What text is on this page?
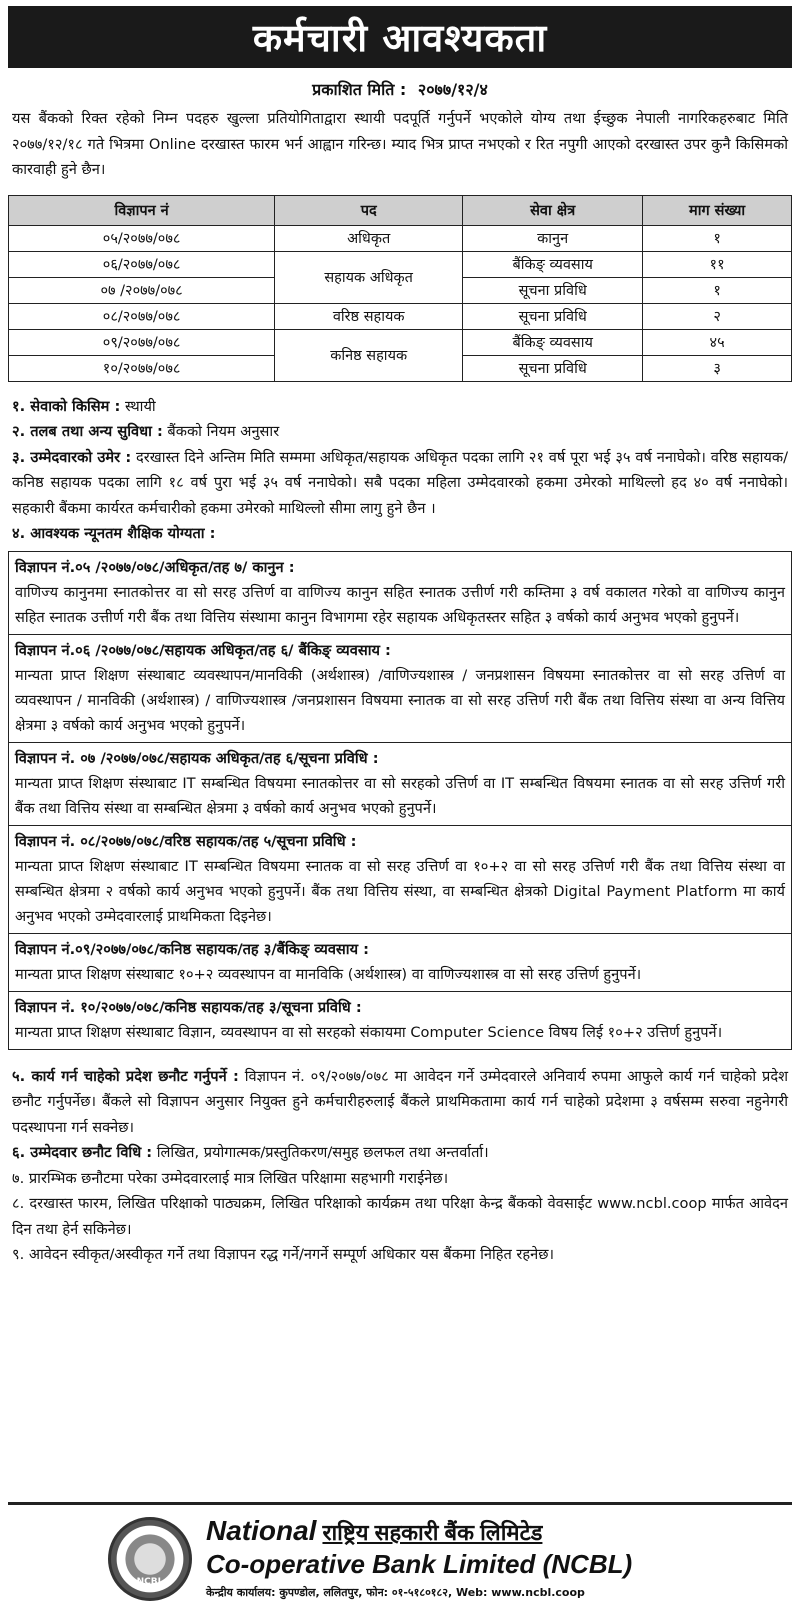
कर्मचारी आवश्यकता
प्रकाशित मिति : २०७७/१२/४

यस बैंकको रिक्त रहेको निम्न पदहरु खुल्ला प्रतियोगिताद्वारा स्थायी पदपूर्ति गर्नुपर्ने भएकोले योग्य तथा ईच्छुक नेपाली नागरिकहरुबाट मिति २०७७/१२/१८ गते भित्रमा Online दरखास्त फारम भर्न आह्वान गरिन्छ। म्याद भित्र प्राप्त नभएको र रित नपुगी आएको दरखास्त उपर कुनै किसिमको कारवाही हुने छैन।

विज्ञापन नं	पद	सेवा क्षेत्र	माग संख्या
०५/२०७७/०७८	अधिकृत	कानुन	१
०६/२०७७/०७८	सहायक अधिकृत	बैंकिङ् व्यवसाय	११
०७ /२०७७/०७८		सूचना प्रविधि	१
०८/२०७७/०७८	वरिष्ठ सहायक	सूचना प्रविधि	२
०९/२०७७/०७८	कनिष्ठ सहायक	बैंकिङ् व्यवसाय	४५
१०/२०७७/०७८		सूचना प्रविधि	३
१. सेवाको किसिम : स्थायी
२. तलब तथा अन्य सुविधा : बैंकको नियम अनुसार
३. उम्मेदवारको उमेर : दरखास्त दिने अन्तिम मिति सम्ममा अधिकृत/सहायक अधिकृत पदका लागि २१ वर्ष पूरा भई ३५ वर्ष ननाघेको। वरिष्ठ सहायक/कनिष्ठ सहायक पदका लागि १८ वर्ष पुरा भई ३५ वर्ष ननाघेको। सबै पदका महिला उम्मेदवारको हकमा उमेरको माथिल्लो हद ४० वर्ष ननाघेको। सहकारी बैंकमा कार्यरत कर्मचारीको हकमा उमेरको माथिल्लो सीमा लागु हुने छैन ।
४. आवश्यक न्यूनतम शैक्षिक योग्यता :
विज्ञापन नं.०५ /२०७७/०७८/अधिकृत/तह ७/ कानुन :
वाणिज्य कानुनमा स्नातकोत्तर वा सो सरह उत्तिर्ण वा वाणिज्य कानुन सहित स्नातक उत्तीर्ण गरी कम्तिमा ३ वर्ष वकालत गरेको वा वाणिज्य कानुन सहित स्नातक उत्तीर्ण गरी बैंक तथा वित्तिय संस्थामा कानुन विभागमा रहेर सहायक अधिकृतस्तर सहित ३ वर्षको कार्य अनुभव भएको हुनुपर्ने।
विज्ञापन नं.०६ /२०७७/०७८/सहायक अधिकृत/तह ६/ बैंकिङ् व्यवसाय :
मान्यता प्राप्त शिक्षण संस्थाबाट व्यवस्थापन/मानविकी (अर्थशास्त्र) /वाणिज्यशास्त्र / जनप्रशासन विषयमा स्नातकोत्तर वा सो सरह उत्तिर्ण वा व्यवस्थापन / मानविकी (अर्थशास्त्र) / वाणिज्यशास्त्र /जनप्रशासन विषयमा स्नातक वा सो सरह उत्तिर्ण गरी बैंक तथा वित्तिय संस्था वा अन्य वित्तिय क्षेत्रमा ३ वर्षको कार्य अनुभव भएको हुनुपर्ने।
विज्ञापन नं. ०७ /२०७७/०७८/सहायक अधिकृत/तह ६/सूचना प्रविधि :
मान्यता प्राप्त शिक्षण संस्थाबाट IT सम्बन्धित विषयमा स्नातकोत्तर वा सो सरहको उत्तिर्ण वा IT सम्बन्धित विषयमा स्नातक वा सो सरह उत्तिर्ण गरी बैंक तथा वित्तिय संस्था वा सम्बन्धित क्षेत्रमा ३ वर्षको कार्य अनुभव भएको हुनुपर्ने।
विज्ञापन नं. ०८/२०७७/०७८/वरिष्ठ सहायक/तह ५/सूचना प्रविधि :
मान्यता प्राप्त शिक्षण संस्थाबाट IT सम्बन्धित विषयमा स्नातक वा सो सरह उत्तिर्ण वा १०+२ वा सो सरह उत्तिर्ण गरी बैंक तथा वित्तिय संस्था वा सम्बन्धित क्षेत्रमा २ वर्षको कार्य अनुभव भएको हुनुपर्ने। बैंक तथा वित्तिय संस्था, वा सम्बन्धित क्षेत्रको Digital Payment Platform मा कार्य अनुभव भएको उम्मेदवारलाई प्राथमिकता दिइनेछ।
विज्ञापन नं.०९/२०७७/०७८/कनिष्ठ सहायक/तह ३/बैंकिङ् व्यवसाय :
मान्यता प्राप्त शिक्षण संस्थाबाट १०+२ व्यवस्थापन वा मानविकि (अर्थशास्त्र) वा वाणिज्यशास्त्र वा सो सरह उत्तिर्ण हुनुपर्ने।
विज्ञापन नं. १०/२०७७/०७८/कनिष्ठ सहायक/तह ३/सूचना प्रविधि :
मान्यता प्राप्त शिक्षण संस्थाबाट विज्ञान, व्यवस्थापन वा सो सरहको संकायमा Computer Science विषय लिई १०+२ उत्तिर्ण हुनुपर्ने।
५. कार्य गर्न चाहेको प्रदेश छनौट गर्नुपर्ने : विज्ञापन नं. ०९/२०७७/०७८ मा आवेदन गर्ने उम्मेदवारले अनिवार्य रुपमा आफुले कार्य गर्न चाहेको प्रदेश छनौट गर्नुपर्नेछ। बैंकले सो विज्ञापन अनुसार नियुक्त हुने कर्मचारीहरुलाई बैंकले प्राथमिकतामा कार्य गर्न चाहेको प्रदेशमा ३ वर्षसम्म सरुवा नहुनेगरी पदस्थापना गर्न सक्नेछ।
६. उम्मेदवार छनौट विधि : लिखित, प्रयोगात्मक/प्रस्तुतिकरण/समुह छलफल तथा अन्तर्वार्ता।
७. प्रारम्भिक छनौटमा परेका उम्मेदवारलाई मात्र लिखित परिक्षामा सहभागी गराईनेछ।
८. दरखास्त फारम, लिखित परिक्षाको पाठ्यक्रम, लिखित परिक्षाको कार्यक्रम तथा परिक्षा केन्द्र बैंकको वेवसाईट www.ncbl.coop मार्फत आवेदन दिन तथा हेर्न सकिनेछ।
९. आवेदन स्वीकृत/अस्वीकृत गर्ने तथा विज्ञापन रद्ध गर्ने/नगर्ने सम्पूर्ण अधिकार यस बैंकमा निहित रहनेछ।
NCBL
National राष्ट्रिय सहकारी बैंक लिमिटेड
Co-operative Bank Limited (NCBL)
केन्द्रीय कार्यालय: कुपण्डोल, ललितपुर, फोन: ०१-५१८०१८२, Web: www.ncbl.coop
